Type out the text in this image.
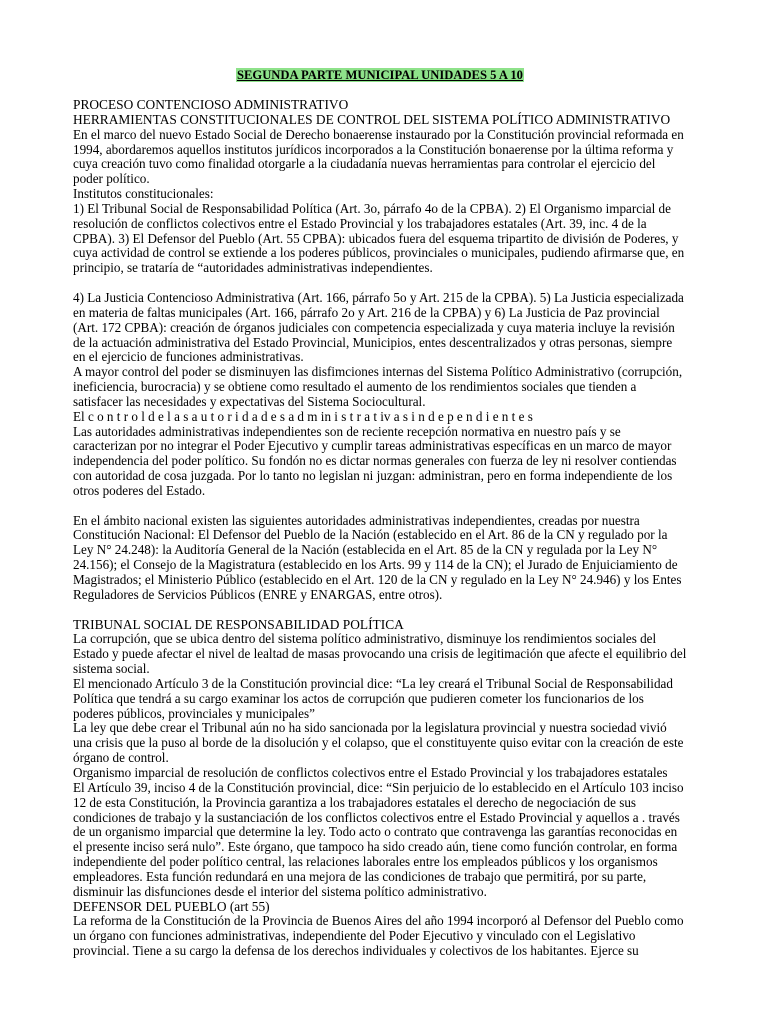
SEGUNDA PARTE MUNICIPAL UNIDADES 5 A 10

PROCESO CONTENCIOSO ADMINISTRATIVO

HERRAMIENTAS CONSTITUCIONALES DE CONTROL DEL SISTEMA POLÍTICO ADMINISTRATIVO

En el marco del nuevo Estado Social de Derecho bonaerense instaurado por la Constitución provincial reformada en 1994, abordaremos aquellos institutos jurídicos incorporados a la Constitución bonaerense por la última reforma y cuya creación tuvo como finalidad otorgarle a la ciudadanía nuevas herramientas para controlar el ejercicio del poder político.

Institutos constitucionales:

1) El Tribunal Social de Responsabilidad Política (Art. 3o, párrafo 4o de la CPBA). 2) El Organismo imparcial de resolución de conflictos colectivos entre el Estado Provincial y los trabajadores estatales (Art. 39, inc. 4 de la CPBA). 3) El Defensor del Pueblo (Art. 55 CPBA): ubicados fuera del esquema tripartito de división de Poderes, y cuya actividad de control se extiende a los poderes públicos, provinciales o municipales, pudiendo afirmarse que, en principio, se trataría de “autoridades administrativas independientes.

4) La Justicia Contencioso Administrativa (Art. 166, párrafo 5o y Art. 215 de la CPBA). 5) La Justicia especializada en materia de faltas municipales (Art. 166, párrafo 2o y Art. 216 de la CPBA) y 6) La Justicia de Paz provincial (Art. 172 CPBA): creación de órganos judiciales con competencia especializada y cuya materia incluye la revisión de la actuación administrativa del Estado Provincial, Municipios, entes descentralizados y otras personas, siempre en el ejercicio de funciones administrativas.

A mayor control del poder se disminuyen las disfimciones internas del Sistema Político Administrativo (corrupción, ineficiencia, burocracia) y se obtiene como resultado el aumento de los rendimientos sociales que tienden a satisfacer las necesidades y expectativas del Sistema Sociocultural.

El c o n t r o l d e l a s a u t o r i d a d e s a d m in i s t r a t iv a s i n d e p e n d i e n t e s

Las autoridades administrativas independientes son de reciente recepción normativa en nuestro país y se caracterizan por no integrar el Poder Ejecutivo y cumplir tareas administrativas específicas en un marco de mayor independencia del poder político. Su fondón no es dictar normas generales con fuerza de ley ni resolver contiendas con autoridad de cosa juzgada. Por lo tanto no legislan ni juzgan: administran, pero en forma independiente de los otros poderes del Estado.

En el ámbito nacional existen las siguientes autoridades administrativas independientes, creadas por nuestra Constitución Nacional: El Defensor del Pueblo de la Nación (establecido en el Art. 86 de la CN y regulado por la Ley N° 24.248): la Auditoría General de la Nación (establecida en el Art. 85 de la CN y regulada por la Ley N° 24.156); el Consejo de la Magistratura (establecido en los Arts. 99 y 114 de la CN); el Jurado de Enjuiciamiento de Magistrados; el Ministerio Público (establecido en el Art. 120 de la CN y regulado en la Ley N° 24.946) y los Entes Reguladores de Servicios Públicos (ENRE y ENARGAS, entre otros).

TRIBUNAL SOCIAL DE RESPONSABILIDAD POLÍTICA

La corrupción, que se ubica dentro del sistema político administrativo, disminuye los rendimientos sociales del Estado y puede afectar el nivel de lealtad de masas provocando una crisis de legitimación que afecte el equilibrio del sistema social.

El mencionado Artículo 3 de la Constitución provincial dice: “La ley creará el Tribunal Social de Responsabilidad Política que tendrá a su cargo examinar los actos de corrupción que pudieren cometer los funcionarios de los poderes públicos, provinciales y municipales”

La ley que debe crear el Tribunal aún no ha sido sancionada por la legislatura provincial y nuestra sociedad vivió una crisis que la puso al borde de la disolución y el colapso, que el constituyente quiso evitar con la creación de este órgano de control.

Organismo imparcial de resolución de conflictos colectivos entre el Estado Provincial y los trabajadores estatales

El Artículo 39, inciso 4 de la Constitución provincial, dice: “Sin perjuicio de lo establecido en el Artículo 103 inciso 12 de esta Constitución, la Provincia garantiza a los trabajadores estatales el derecho de negociación de sus condiciones de trabajo y la sustanciación de los conflictos colectivos entre el Estado Provincial y aquellos a . través de un organismo imparcial que determine la ley. Todo acto o contrato que contravenga las garantías reconocidas en el presente inciso será nulo”. Este órgano, que tampoco ha sido creado aún, tiene como función controlar, en forma independiente del poder político central, las relaciones laborales entre los empleados públicos y los organismos empleadores. Esta función redundará en una mejora de las condiciones de trabajo que permitirá, por su parte, disminuir las disfunciones desde el interior del sistema político administrativo.

DEFENSOR DEL PUEBLO (art 55)

La reforma de la Constitución de la Provincia de Buenos Aires del año 1994 incorporó al Defensor del Pueblo como un órgano con funciones administrativas, independiente del Poder Ejecutivo y vinculado con el Legislativo provincial. Tiene a su cargo la defensa de los derechos individuales y colectivos de los habitantes. Ejerce su
